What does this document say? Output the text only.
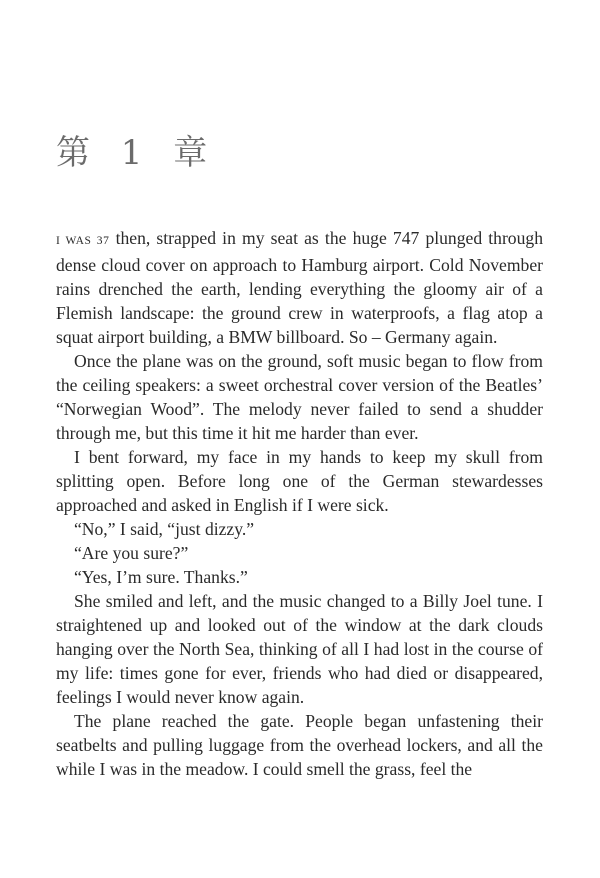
第 1 章

I WAS 37 then, strapped in my seat as the huge 747 plunged through dense cloud cover on approach to Hamburg airport. Cold November rains drenched the earth, lending everything the gloomy air of a Flemish landscape: the ground crew in waterproofs, a flag atop a squat airport building, a BMW billboard. So – Germany again.

Once the plane was on the ground, soft music began to flow from the ceiling speakers: a sweet orchestral cover version of the Beatles’ “Norwegian Wood”. The melody never failed to send a shudder through me, but this time it hit me harder than ever.

I bent forward, my face in my hands to keep my skull from splitting open. Before long one of the German stewardesses approached and asked in English if I were sick.

“No,” I said, “just dizzy.”

“Are you sure?”

“Yes, I’m sure. Thanks.”

She smiled and left, and the music changed to a Billy Joel tune. I straightened up and looked out of the window at the dark clouds hanging over the North Sea, thinking of all I had lost in the course of my life: times gone for ever, friends who had died or disappeared, feelings I would never know again.

The plane reached the gate. People began unfastening their seatbelts and pulling luggage from the overhead lockers, and all the while I was in the meadow. I could smell the grass, feel the
